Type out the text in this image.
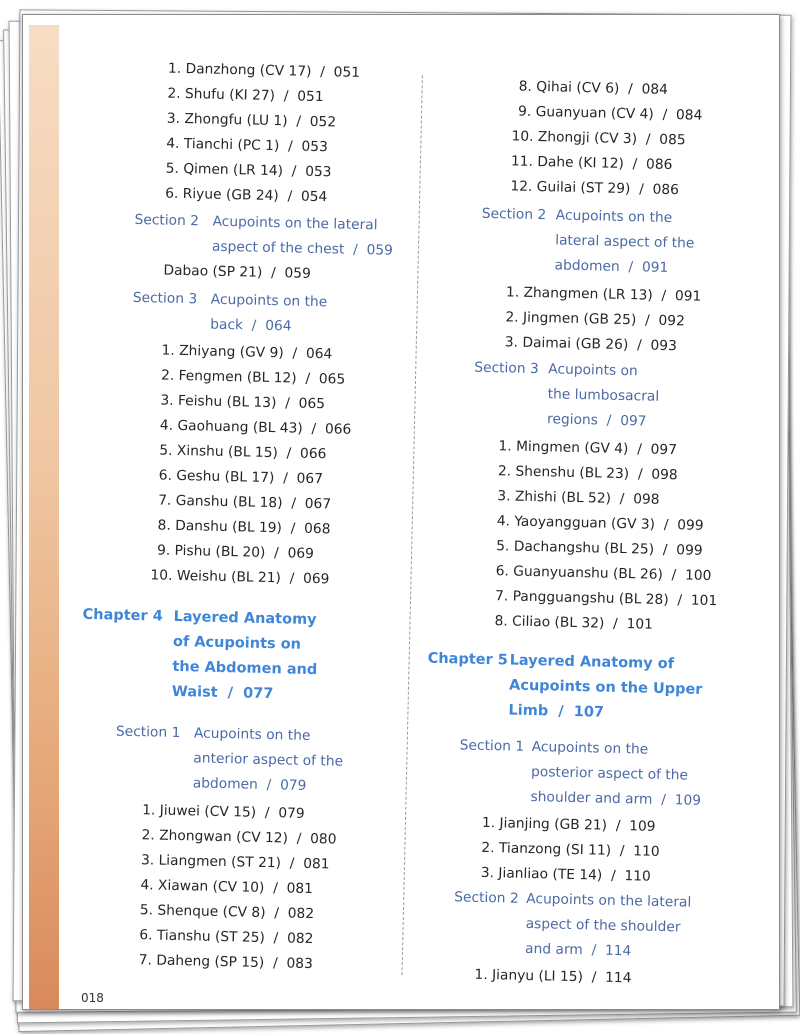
1. Danzhong (CV 17)  /  051
2. Shufu (KI 27)  /  051
3. Zhongfu (LU 1)  /  052
4. Tianchi (PC 1)  /  053
5. Qimen (LR 14)  /  053
6. Riyue (GB 24)  /  054
Section 2 Acupoints on the lateral
aspect of the chest  /  059
Dabao (SP 21)  /  059
Section 3 Acupoints on the
back  /  064
1. Zhiyang (GV 9)  /  064
2. Fengmen (BL 12)  /  065
3. Feishu (BL 13)  /  065
4. Gaohuang (BL 43)  /  066
5. Xinshu (BL 15)  /  066
6. Geshu (BL 17)  /  067
7. Ganshu (BL 18)  /  067
8. Danshu (BL 19)  /  068
9. Pishu (BL 20)  /  069
10. Weishu (BL 21)  /  069
Chapter 4 Layered Anatomy
of Acupoints on
the Abdomen and
Waist  /  077
Section 1 Acupoints on the
anterior aspect of the
abdomen  /  079
1. Jiuwei (CV 15)  /  079
2. Zhongwan (CV 12)  /  080
3. Liangmen (ST 21)  /  081
4. Xiawan (CV 10)  /  081
5. Shenque (CV 8)  /  082
6. Tianshu (ST 25)  /  082
7. Daheng (SP 15)  /  083
8. Qihai (CV 6)  /  084
9. Guanyuan (CV 4)  /  084
10. Zhongji (CV 3)  /  085
11. Dahe (KI 12)  /  086
12. Guilai (ST 29)  /  086
Section 2 Acupoints on the
lateral aspect of the
abdomen  /  091
1. Zhangmen (LR 13)  /  091
2. Jingmen (GB 25)  /  092
3. Daimai (GB 26)  /  093
Section 3 Acupoints on
the lumbosacral
regions  /  097
1. Mingmen (GV 4)  /  097
2. Shenshu (BL 23)  /  098
3. Zhishi (BL 52)  /  098
4. Yaoyangguan (GV 3)  /  099
5. Dachangshu (BL 25)  /  099
6. Guanyuanshu (BL 26)  /  100
7. Pangguangshu (BL 28)  /  101
8. Ciliao (BL 32)  /  101
Chapter 5 Layered Anatomy of
Acupoints on the Upper
Limb  /  107
Section 1 Acupoints on the
posterior aspect of the
shoulder and arm  /  109
1. Jianjing (GB 21)  /  109
2. Tianzong (SI 11)  /  110
3. Jianliao (TE 14)  /  110
Section 2 Acupoints on the lateral
aspect of the shoulder
and arm  /  114
1. Jianyu (LI 15)  /  114
018
